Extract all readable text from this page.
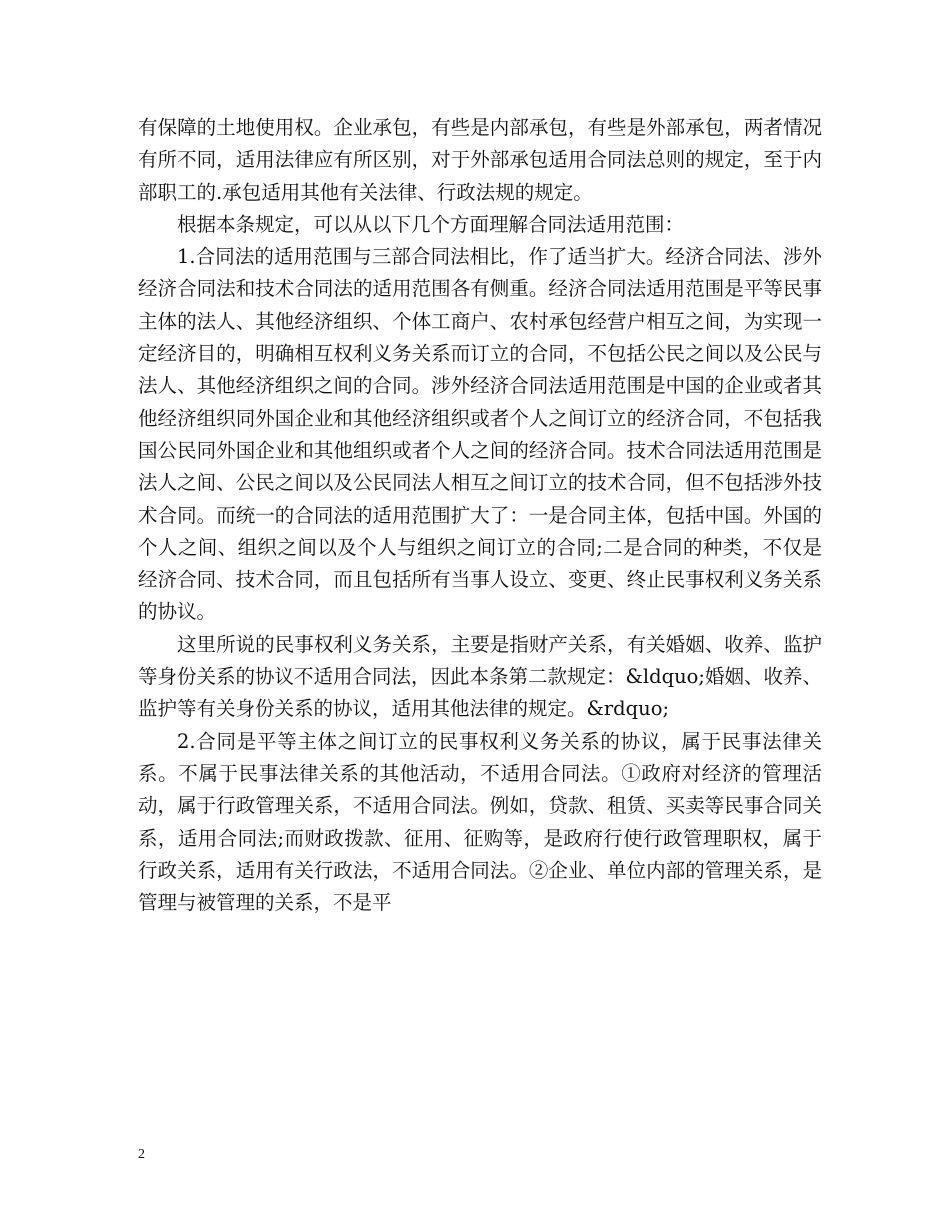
有保障的土地使用权。企业承包，有些是内部承包，有些是外部承包，两者情况有所不同，适用法律应有所区别，对于外部承包适用合同法总则的规定，至于内部职工的.承包适用其他有关法律、行政法规的规定。

根据本条规定，可以从以下几个方面理解合同法适用范围：

1.合同法的适用范围与三部合同法相比，作了适当扩大。经济合同法、涉外经济合同法和技术合同法的适用范围各有侧重。经济合同法适用范围是平等民事主体的法人、其他经济组织、个体工商户、农村承包经营户相互之间，为实现一定经济目的，明确相互权利义务关系而订立的合同，不包括公民之间以及公民与法人、其他经济组织之间的合同。涉外经济合同法适用范围是中国的企业或者其他经济组织同外国企业和其他经济组织或者个人之间订立的经济合同，不包括我国公民同外国企业和其他组织或者个人之间的经济合同。技术合同法适用范围是法人之间、公民之间以及公民同法人相互之间订立的技术合同，但不包括涉外技术合同。而统一的合同法的适用范围扩大了：一是合同主体，包括中国。外国的个人之间、组织之间以及个人与组织之间订立的合同;二是合同的种类，不仅是经济合同、技术合同，而且包括所有当事人设立、变更、终止民事权利义务关系的协议。

这里所说的民事权利义务关系，主要是指财产关系，有关婚姻、收养、监护等身份关系的协议不适用合同法，因此本条第二款规定：&ldquo;婚姻、收养、监护等有关身份关系的协议，适用其他法律的规定。&rdquo;

2.合同是平等主体之间订立的民事权利义务关系的协议，属于民事法律关系。不属于民事法律关系的其他活动，不适用合同法。①政府对经济的管理活动，属于行政管理关系，不适用合同法。例如，贷款、租赁、买卖等民事合同关系，适用合同法;而财政拨款、征用、征购等，是政府行使行政管理职权，属于行政关系，适用有关行政法，不适用合同法。②企业、单位内部的管理关系，是管理与被管理的关系，不是平

2
